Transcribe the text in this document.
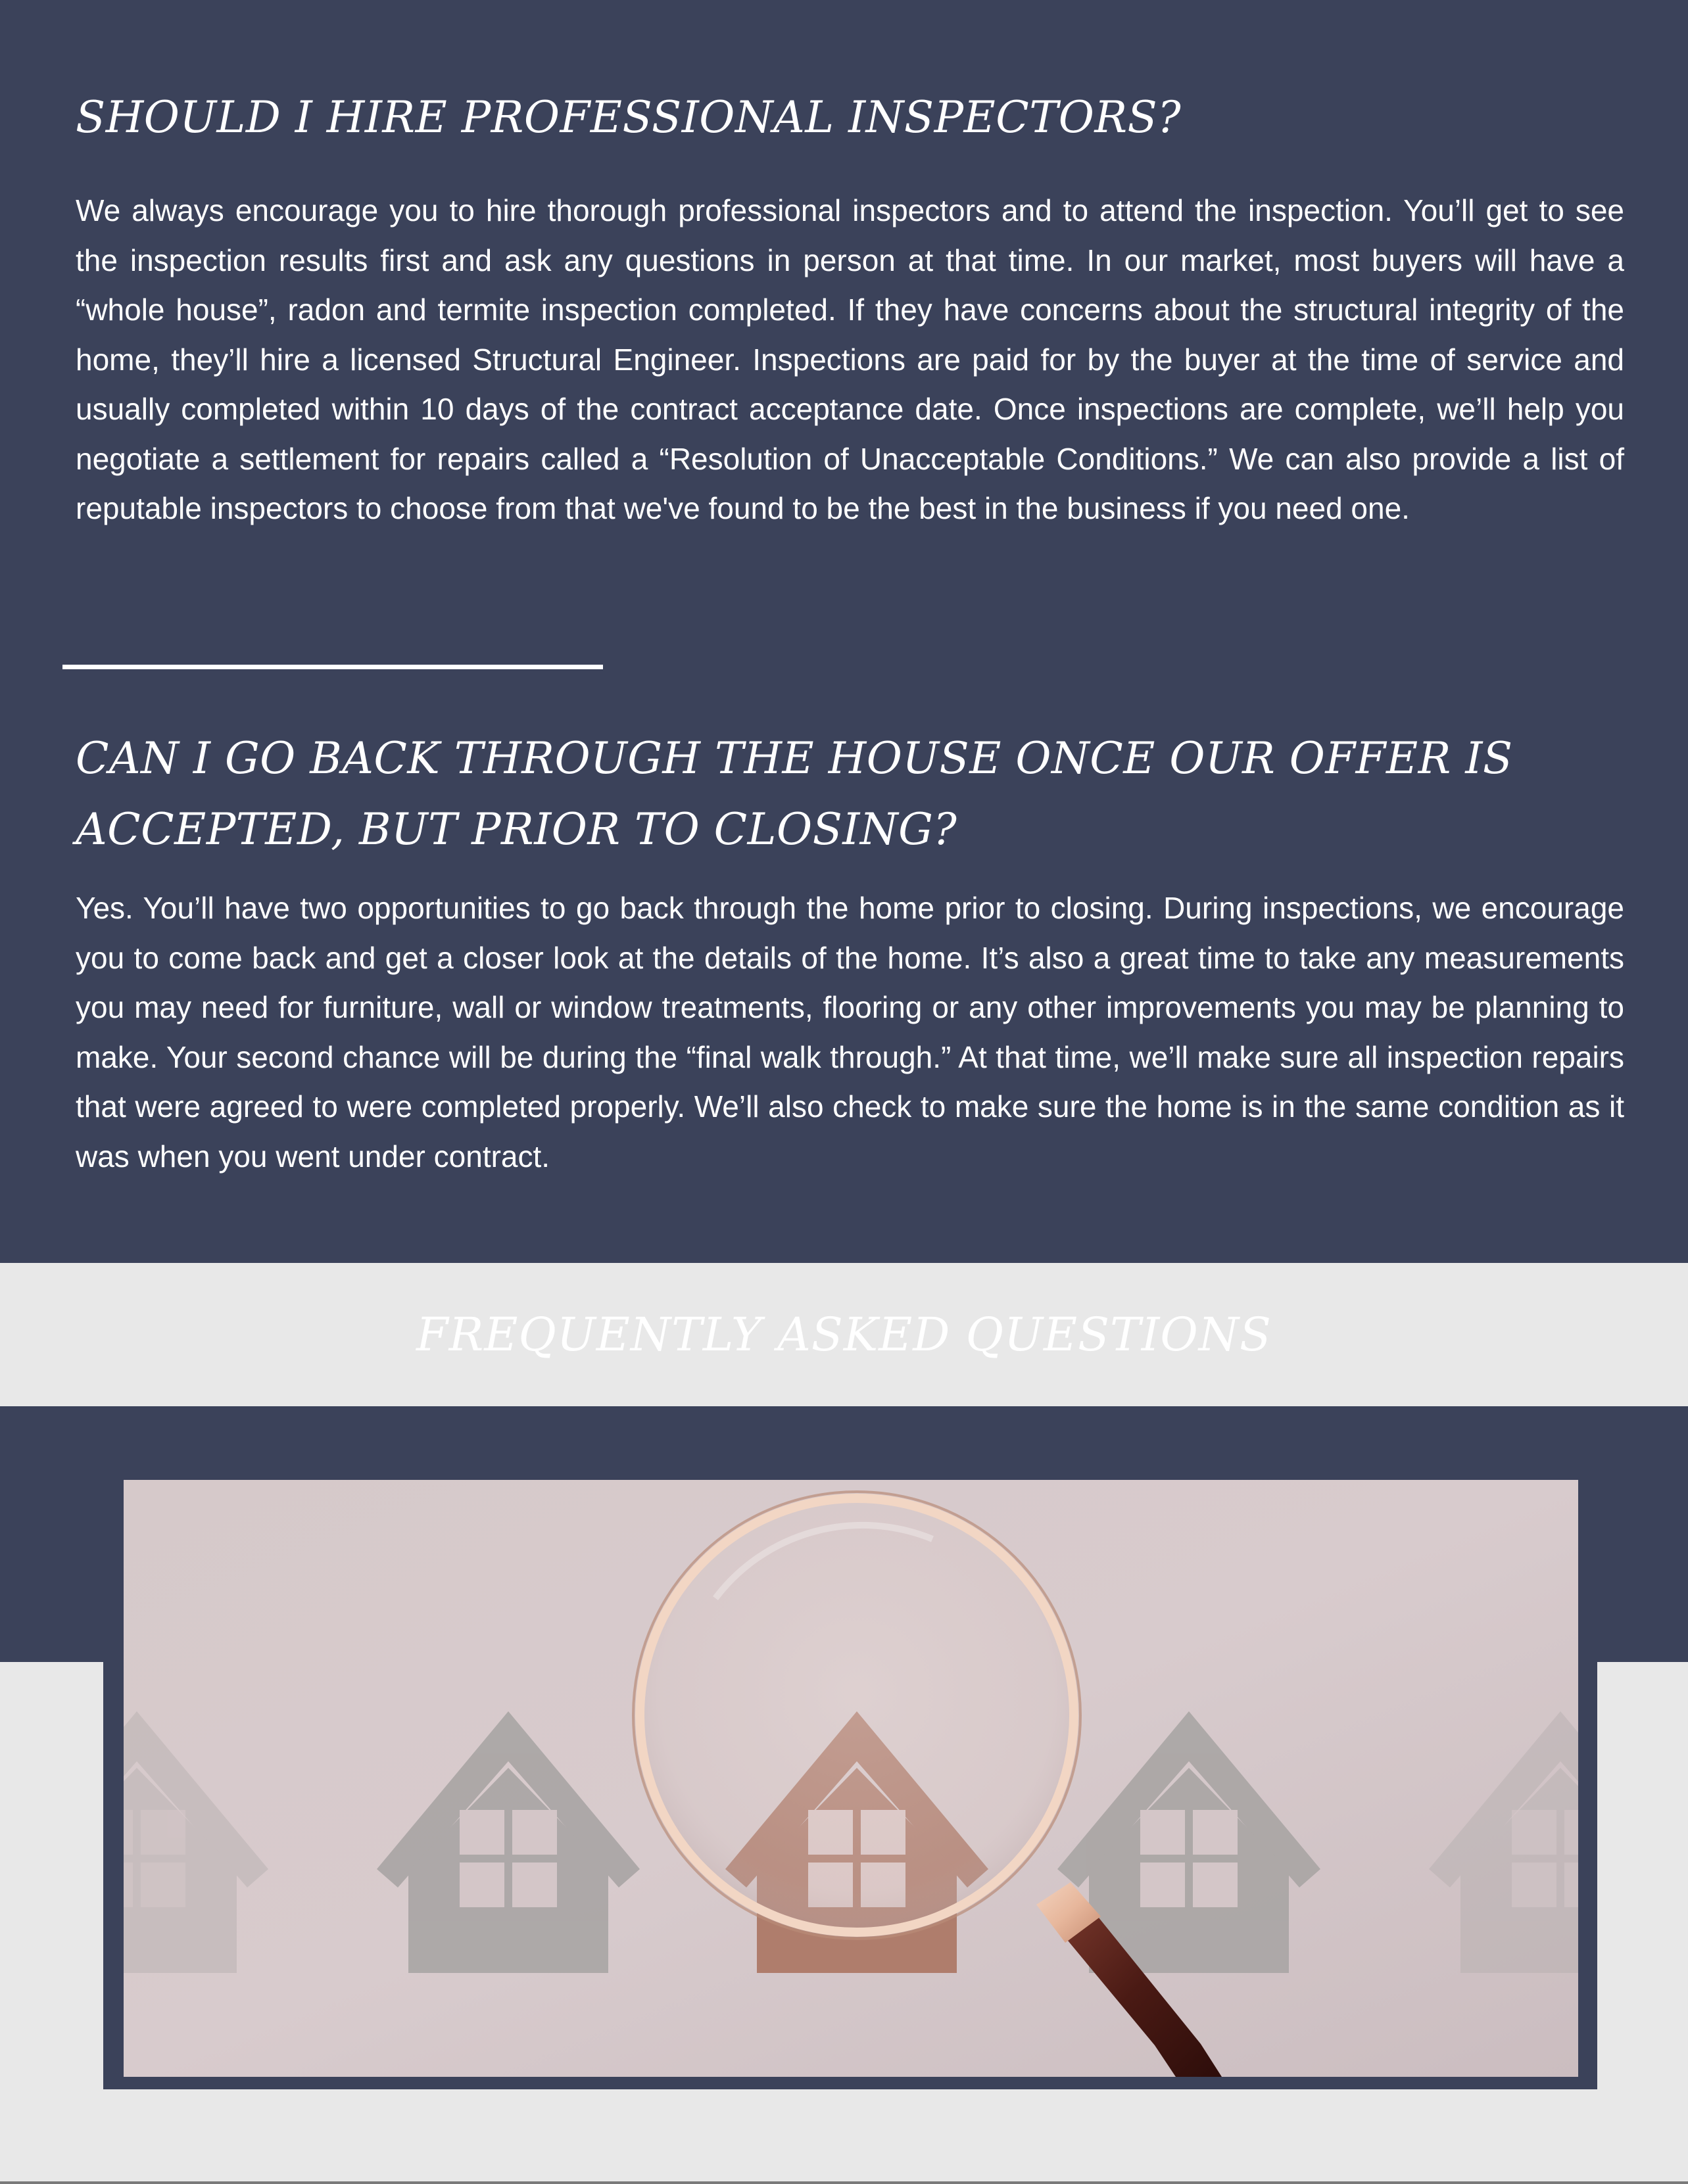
SHOULD I HIRE PROFESSIONAL INSPECTORS?

We always encourage you to hire thorough professional inspectors and to attend the inspection. You’ll get to see the inspection results first and ask any questions in person at that time. In our market, most buyers will have a “whole house”, radon and termite inspection completed. If they have concerns about the structural integrity of the home, they’ll hire a licensed Structural Engineer. Inspections are paid for by the buyer at the time of service and usually completed within 10 days of the contract acceptance date. Once inspections are complete, we’ll help you negotiate a settlement for repairs called a “Resolution of Unacceptable Conditions.” We can also provide a list of reputable inspectors to choose from that we've found to be the best in the business if you need one.

CAN I GO BACK THROUGH THE HOUSE ONCE OUR OFFER IS ACCEPTED, BUT PRIOR TO CLOSING?

Yes. You’ll have two opportunities to go back through the home prior to closing. During inspections, we encourage you to come back and get a closer look at the details of the home. It’s also a great time to take any measurements you may need for furniture, wall or window treatments, flooring or any other improvements you may be planning to make. Your second chance will be during the “final walk through.” At that time, we’ll make sure all inspection repairs that were agreed to were completed properly. We’ll also check to make sure the home is in the same condition as it was when you went under contract.

FREQUENTLY ASKED QUESTIONS
